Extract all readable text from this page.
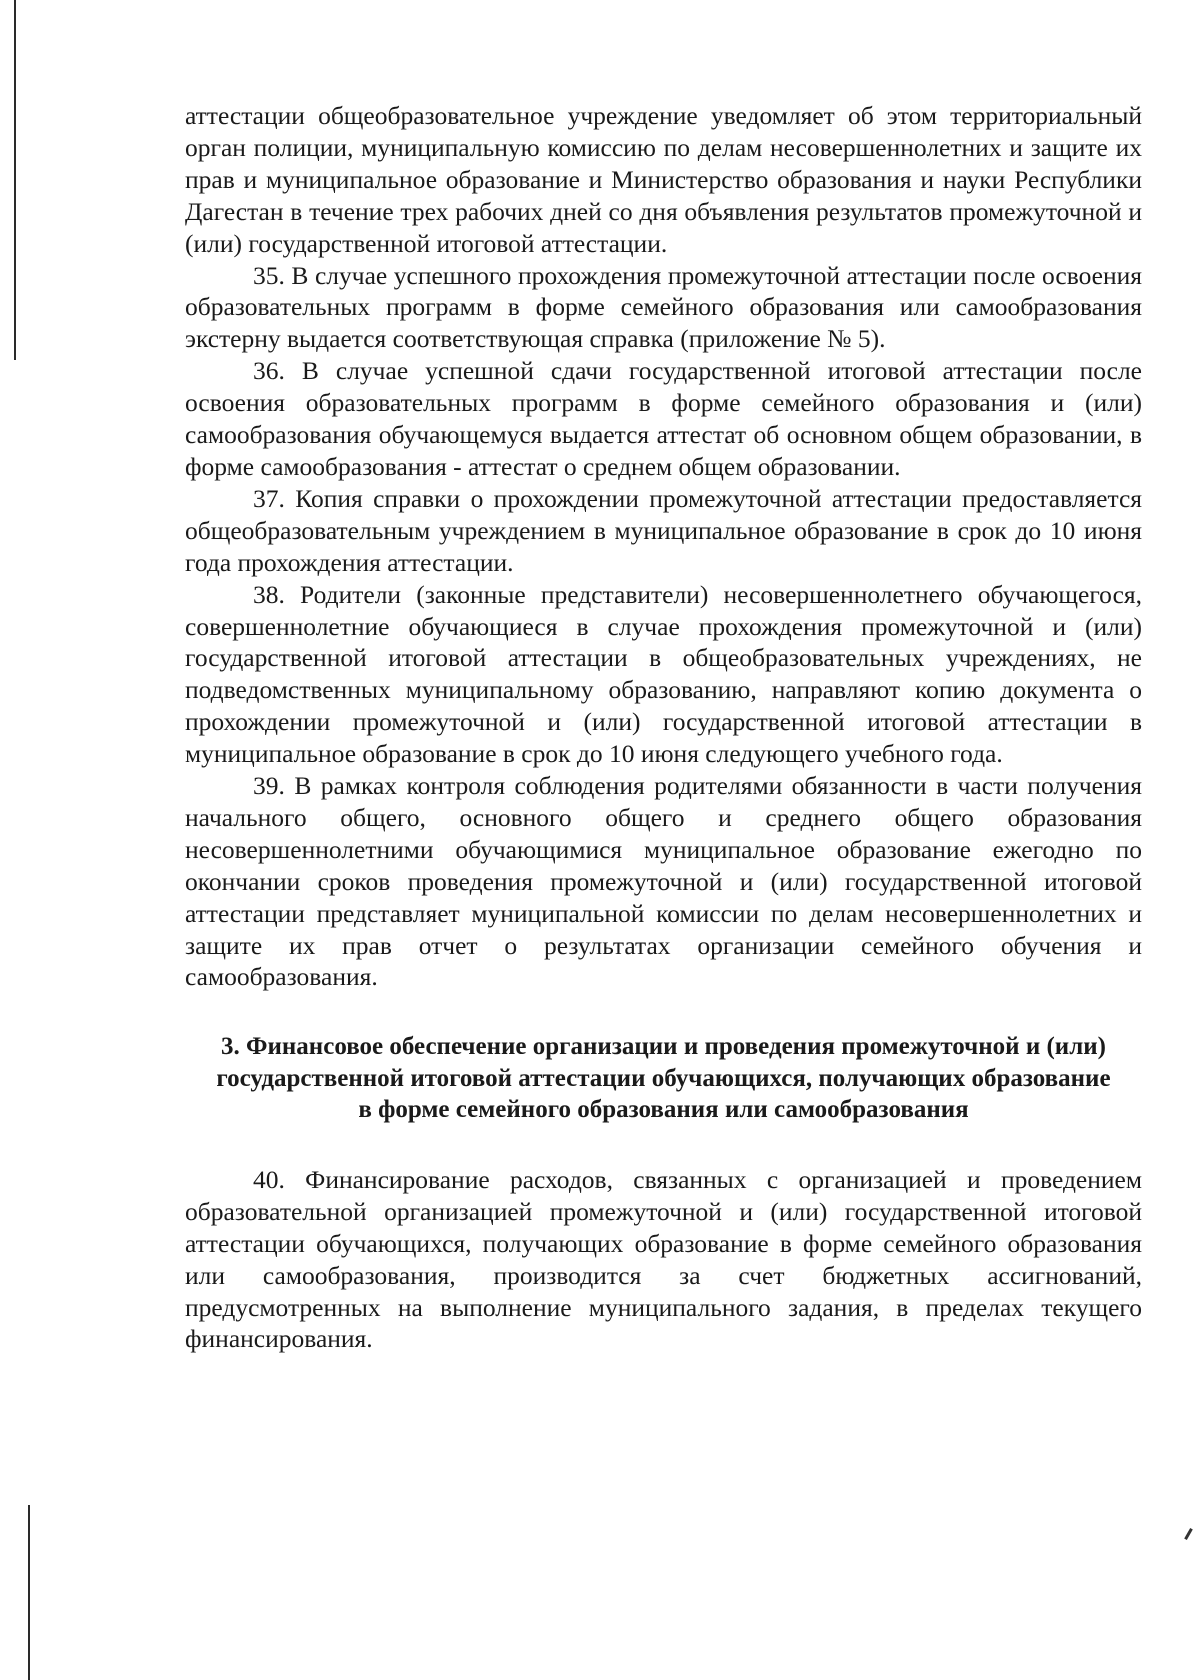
аттестации общеобразовательное учреждение уведомляет об этом территориальный орган полиции, муниципальную комиссию по делам несовершеннолетних и защите их прав и муниципальное образование и Министерство образования и науки Республики Дагестан в течение трех рабочих дней со дня объявления результатов промежуточной и (или) государственной итоговой аттестации.

35. В случае успешного прохождения промежуточной аттестации после освоения образовательных программ в форме семейного образования или самообразования экстерну выдается соответствующая справка (приложение № 5).

36. В случае успешной сдачи государственной итоговой аттестации после освоения образовательных программ в форме семейного образования и (или) самообразования обучающемуся выдается аттестат об основном общем образовании, в форме самообразования - аттестат о среднем общем образовании.

37. Копия справки о прохождении промежуточной аттестации предоставляется общеобразовательным учреждением в муниципальное образование в срок до 10 июня года прохождения аттестации.

38. Родители (законные представители) несовершеннолетнего обучающегося, совершеннолетние обучающиеся в случае прохождения промежуточной и (или) государственной итоговой аттестации в общеобразовательных учреждениях, не подведомственных муниципальному образованию, направляют копию документа о прохождении промежуточной и (или) государственной итоговой аттестации в муниципальное образование в срок до 10 июня следующего учебного года.

39. В рамках контроля соблюдения родителями обязанности в части получения начального общего, основного общего и среднего общего образования несовершеннолетними обучающимися муниципальное образование ежегодно по окончании сроков проведения промежуточной и (или) государственной итоговой аттестации представляет муниципальной комиссии по делам несовершеннолетних и защите их прав отчет о результатах организации семейного обучения и самообразования.

3. Финансовое обеспечение организации и проведения промежуточной и (или) государственной итоговой аттестации обучающихся, получающих образование в форме семейного образования или самообразования

40. Финансирование расходов, связанных с организацией и проведением образовательной организацией промежуточной и (или) государственной итоговой аттестации обучающихся, получающих образование в форме семейного образования или самообразования, производится за счет бюджетных ассигнований, предусмотренных на выполнение муниципального задания, в пределах текущего финансирования.
